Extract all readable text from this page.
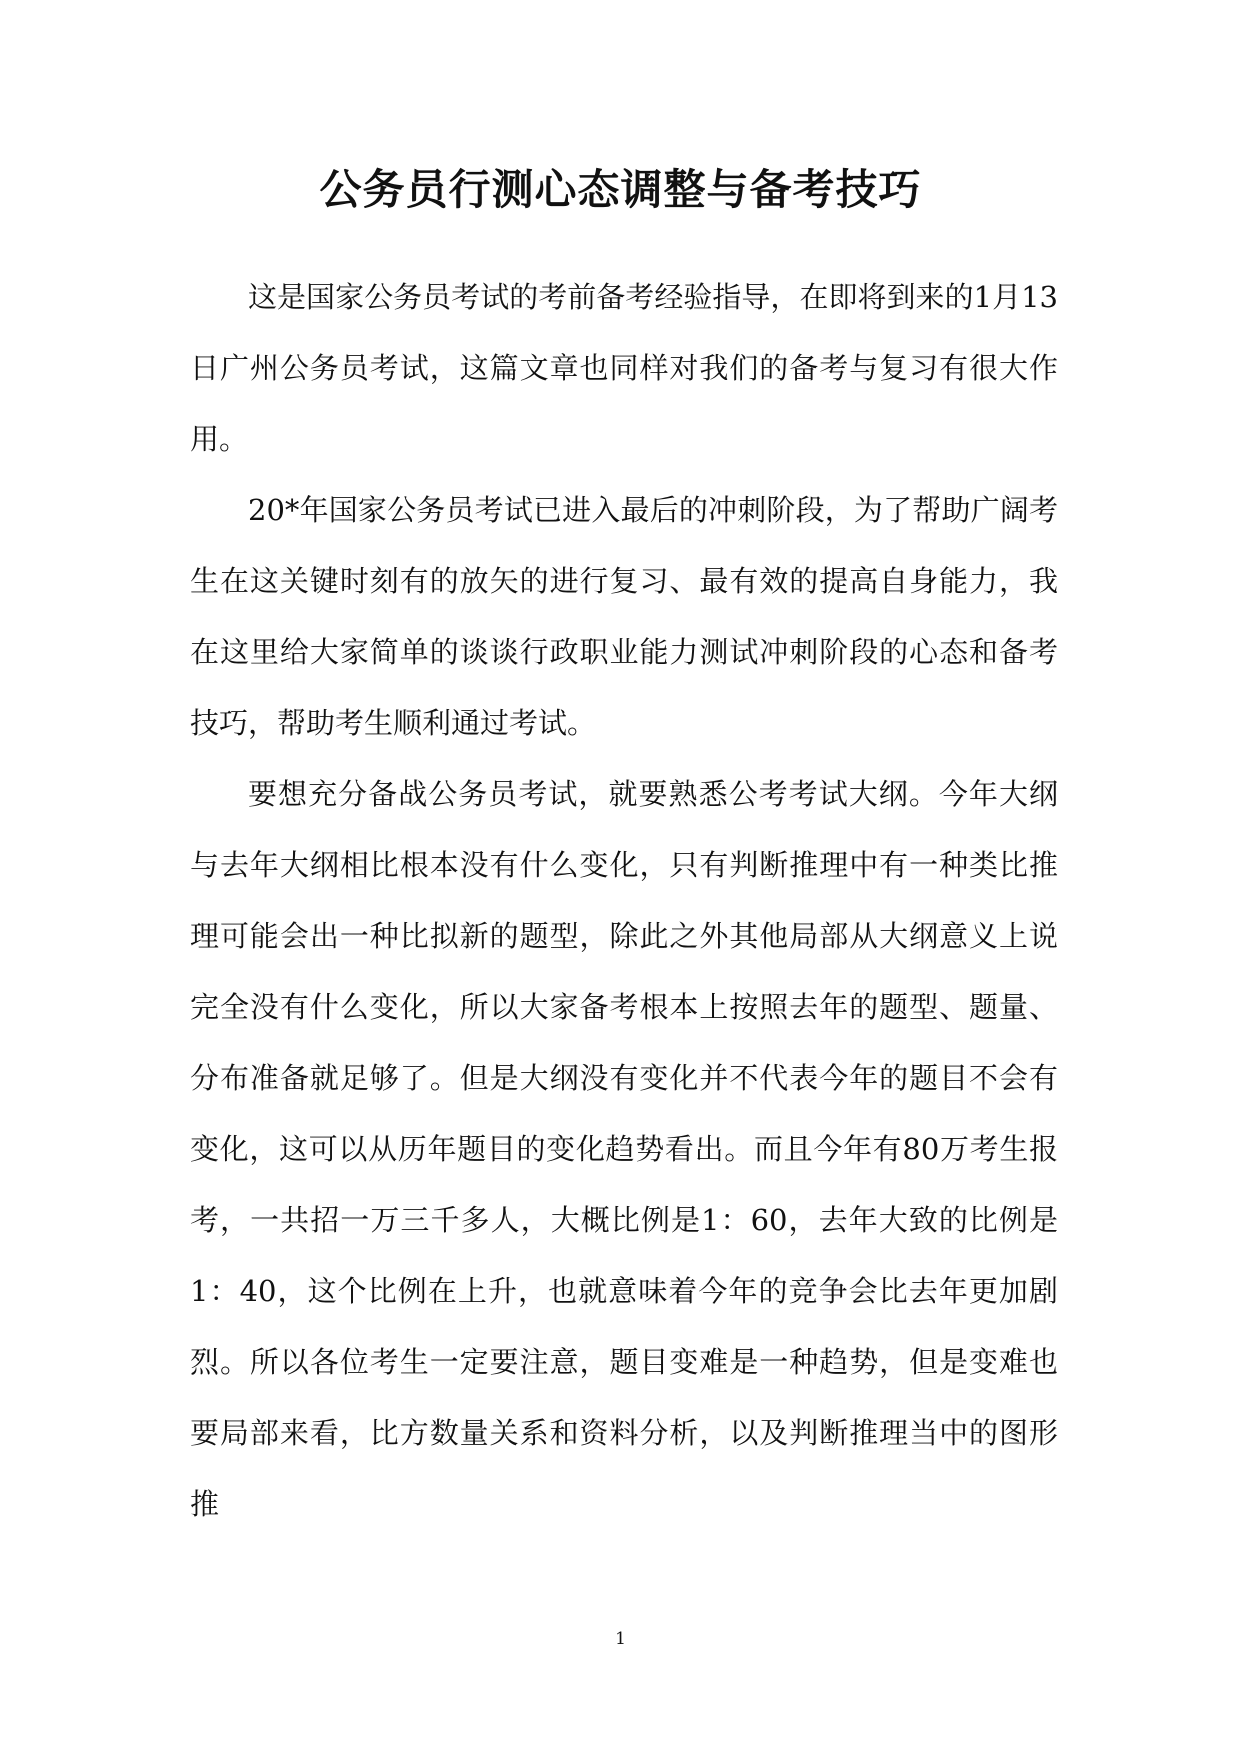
公务员行测心态调整与备考技巧

这是国家公务员考试的考前备考经验指导，在即将到来的1月13日广州公务员考试，这篇文章也同样对我们的备考与复习有很大作用。

20*年国家公务员考试已进入最后的冲刺阶段，为了帮助广阔考生在这关键时刻有的放矢的进行复习、最有效的提高自身能力，我在这里给大家简单的谈谈行政职业能力测试冲刺阶段的心态和备考技巧，帮助考生顺利通过考试。

要想充分备战公务员考试，就要熟悉公考考试大纲。今年大纲与去年大纲相比根本没有什么变化，只有判断推理中有一种类比推理可能会出一种比拟新的题型，除此之外其他局部从大纲意义上说完全没有什么变化，所以大家备考根本上按照去年的题型、题量、分布准备就足够了。但是大纲没有变化并不代表今年的题目不会有变化，这可以从历年题目的变化趋势看出。而且今年有80万考生报考，一共招一万三千多人，大概比例是1：60，去年大致的比例是1：40，这个比例在上升，也就意味着今年的竞争会比去年更加剧烈。所以各位考生一定要注意，题目变难是一种趋势，但是变难也要局部来看，比方数量关系和资料分析，以及判断推理当中的图形推

1
